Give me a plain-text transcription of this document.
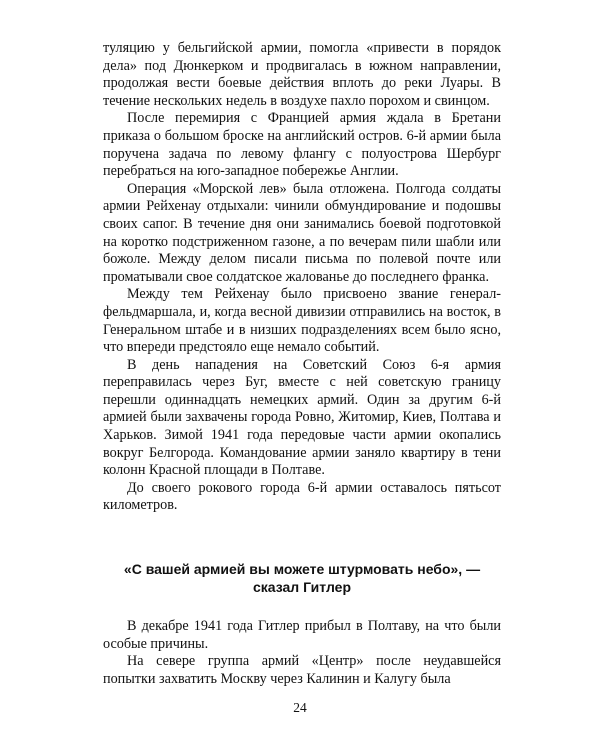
туляцию у бельгийской армии, помогла «привести в порядок дела» под Дюнкерком и продвигалась в южном направлении, продолжая вести боевые действия вплоть до реки Луары. В течение нескольких недель в воздухе пахло порохом и свинцом.

После перемирия с Францией армия ждала в Бретани приказа о большом броске на английский остров. 6-й армии была поручена задача по левому флангу с полуострова Шербург перебраться на юго-западное побережье Англии.

Операция «Морской лев» была отложена. Полгода солдаты армии Рейхенау отдыхали: чинили обмундирование и подошвы своих сапог. В течение дня они занимались боевой подготовкой на коротко подстриженном газоне, а по вечерам пили шабли или божоле. Между делом писали письма по полевой почте или проматывали свое солдатское жалованье до последнего франка.

Между тем Рейхенау было присвоено звание генерал-фельдмаршала, и, когда весной дивизии отправились на восток, в Генеральном штабе и в низших подразделениях всем было ясно, что впереди предстояло еще немало событий.

В день нападения на Советский Союз 6-я армия переправилась через Буг, вместе с ней советскую границу перешли одиннадцать немецких армий. Один за другим 6-й армией были захвачены города Ровно, Житомир, Киев, Полтава и Харьков. Зимой 1941 года передовые части армии окопались вокруг Белгорода. Командование армии заняло квартиру в тени колонн Красной площади в Полтаве.

До своего рокового города 6-й армии оставалось пятьсот километров.

«С вашей армией вы можете штурмовать небо», —
сказал Гитлер

В декабре 1941 года Гитлер прибыл в Полтаву, на что были особые причины.

На севере группа армий «Центр» после неудавшейся попытки захватить Москву через Калинин и Калугу была

24
